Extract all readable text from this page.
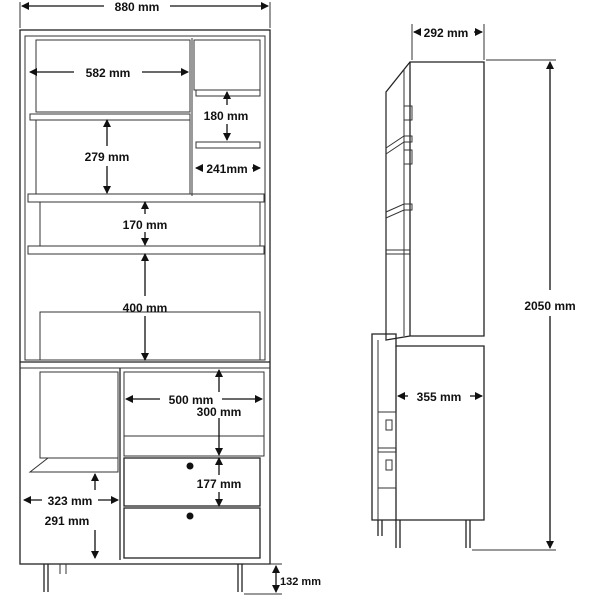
880 mm
582 mm
180 mm
279 mm
241mm
170 mm
400 mm
500 mm
300 mm
177 mm
323 mm
291 mm
132 mm
292 mm
2050 mm
355 mm
